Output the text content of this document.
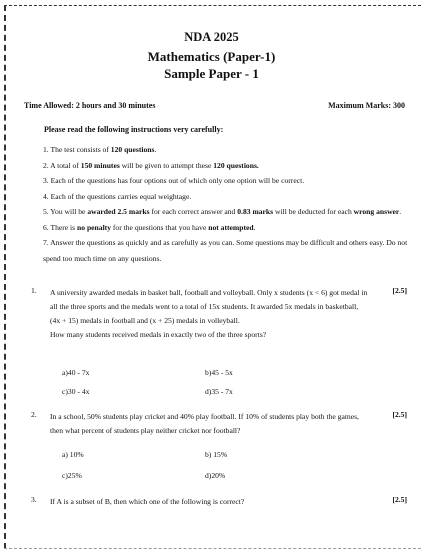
NDA 2025
Mathematics (Paper-1)
Sample Paper - 1
Time Allowed: 2 hours and 30 minutes	Maximum Marks: 300
Please read the following instructions very carefully:

1. The test consists of 120 questions.

2. A total of 150 minutes will be given to attempt these 120 questions.

3. Each of the questions has four options out of which only one option will be correct.

4. Each of the questions carries equal weightage.

5. You will be awarded 2.5 marks for each correct answer and 0.83 marks will be deducted for each wrong answer.

6. There is no penalty for the questions that you have not attempted.

7. Answer the questions as quickly and as carefully as you can. Some questions may be difficult and others easy. Do not spend too much time on any questions.

1. A university awarded medals in basket ball, football and volleyball. Only x students (x < 6) got medal in all the three sports and the medals went to a total of 15x students. It awarded 5x medals in basketball, (4x + 15) medals in football and (x + 25) medals in volleyball.
How many students received medals in exactly two of the three sports?
[2.5]
a)40 - 7x	b)45 - 5x
c)30 - 4x	d)35 - 7x
2. In a school, 50% students play cricket and 40% play football. If 10% of students play both the games, then what percent of students play neither cricket nor football?
[2.5]
a) 10%	b) 15%
c)25%	d)20%
3. If A is a subset of B, then which one of the following is correct?	[2.5]
